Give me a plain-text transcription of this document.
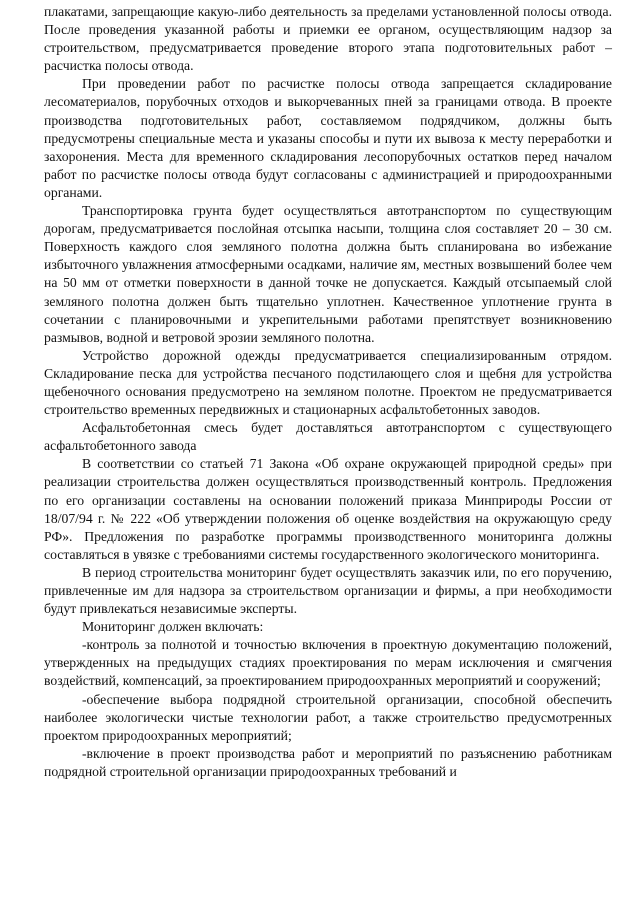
плакатами, запрещающие какую-либо деятельность за пределами установленной полосы отвода. После проведения указанной работы и приемки ее органом, осуществляющим надзор за строительством, предусматривается проведение второго этапа подготовительных работ – расчистка полосы отвода.

При проведении работ по расчистке полосы отвода запрещается складирование лесоматериалов, порубочных отходов и выкорчеванных пней за границами отвода. В проекте производства подготовительных работ, составляемом подрядчиком, должны быть предусмотрены специальные места и указаны способы и пути их вывоза к месту переработки и захоронения. Места для временного складирования лесопорубочных остатков перед началом работ по расчистке полосы отвода будут согласованы с администрацией и природоохранными органами.

Транспортировка грунта будет осуществляться автотранспортом по существующим дорогам, предусматривается послойная отсыпка насыпи, толщина слоя составляет 20 – 30 см. Поверхность каждого слоя земляного полотна должна быть спланирована во избежание избыточного увлажнения атмосферными осадками, наличие ям, местных возвышений более чем на 50 мм от отметки поверхности в данной точке не допускается. Каждый отсыпаемый слой земляного полотна должен быть тщательно уплотнен. Качественное уплотнение грунта в сочетании с планировочными и укрепительными работами препятствует возникновению размывов, водной и ветровой эрозии земляного полотна.

Устройство дорожной одежды предусматривается специализированным отрядом. Складирование песка для устройства песчаного подстилающего слоя и щебня для устройства щебеночного основания предусмотрено на земляном полотне. Проектом не предусматривается строительство временных передвижных и стационарных асфальтобетонных заводов.

Асфальтобетонная смесь будет доставляться автотранспортом с существующего асфальтобетонного завода

В соответствии со статьей 71 Закона «Об охране окружающей природной среды» при реализации строительства должен осуществляться производственный контроль. Предложения по его организации составлены на основании положений приказа Минприроды России от 18/07/94 г. № 222 «Об утверждении положения об оценке воздействия на окружающую среду РФ». Предложения по разработке программы производственного мониторинга должны составляться в увязке с требованиями системы государственного экологического мониторинга.

В период строительства мониторинг будет осуществлять заказчик или, по его поручению, привлеченные им для надзора за строительством организации и фирмы, а при необходимости будут привлекаться независимые эксперты.

Мониторинг должен включать:

-контроль за полнотой и точностью включения в проектную документацию положений, утвержденных на предыдущих стадиях проектирования по мерам исключения и смягчения воздействий, компенсаций, за проектированием природоохранных мероприятий и сооружений;

-обеспечение выбора подрядной строительной организации, способной обеспечить наиболее экологически чистые технологии работ, а также строительство предусмотренных проектом природоохранных мероприятий;

-включение в проект производства работ и мероприятий по разъяснению работникам подрядной строительной организации природоохранных требований и
